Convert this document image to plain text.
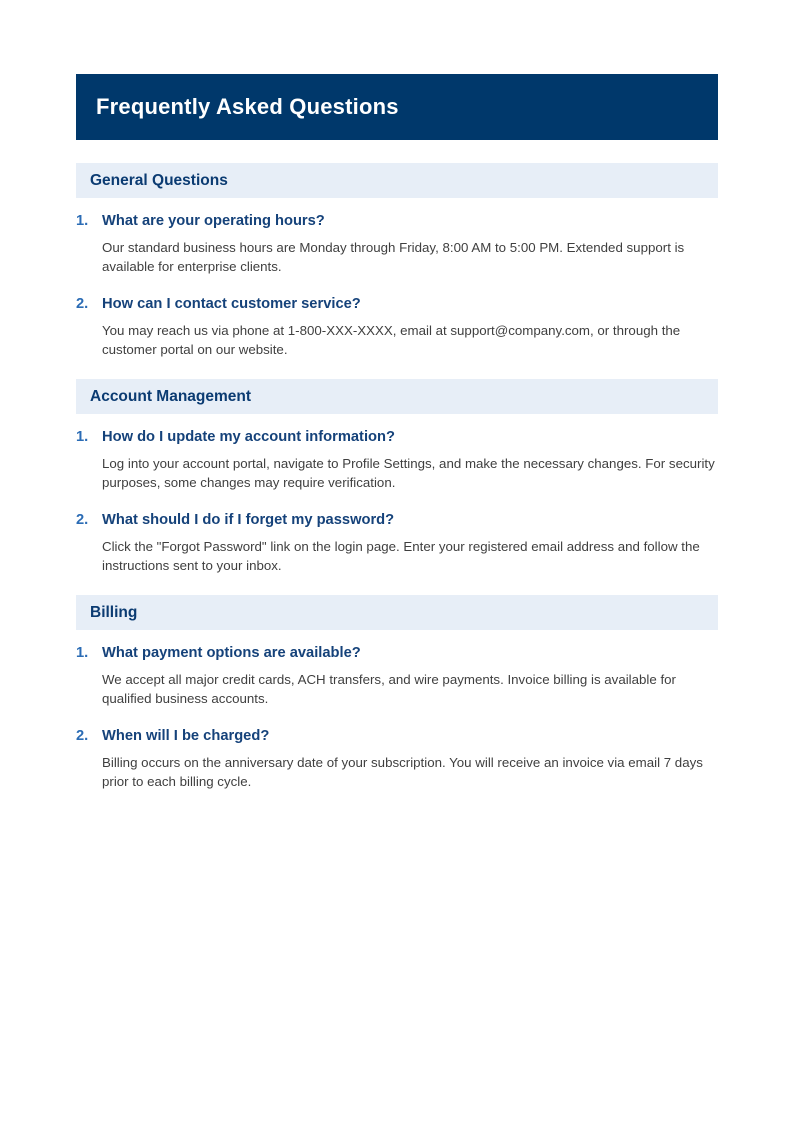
Frequently Asked Questions
General Questions
1. What are your operating hours?
Our standard business hours are Monday through Friday, 8:00 AM to 5:00 PM. Extended support is available for enterprise clients.
2. How can I contact customer service?
You may reach us via phone at 1-800-XXX-XXXX, email at support@company.com, or through the customer portal on our website.
Account Management
1. How do I update my account information?
Log into your account portal, navigate to Profile Settings, and make the necessary changes. For security purposes, some changes may require verification.
2. What should I do if I forget my password?
Click the "Forgot Password" link on the login page. Enter your registered email address and follow the instructions sent to your inbox.
Billing
1. What payment options are available?
We accept all major credit cards, ACH transfers, and wire payments. Invoice billing is available for qualified business accounts.
2. When will I be charged?
Billing occurs on the anniversary date of your subscription. You will receive an invoice via email 7 days prior to each billing cycle.
